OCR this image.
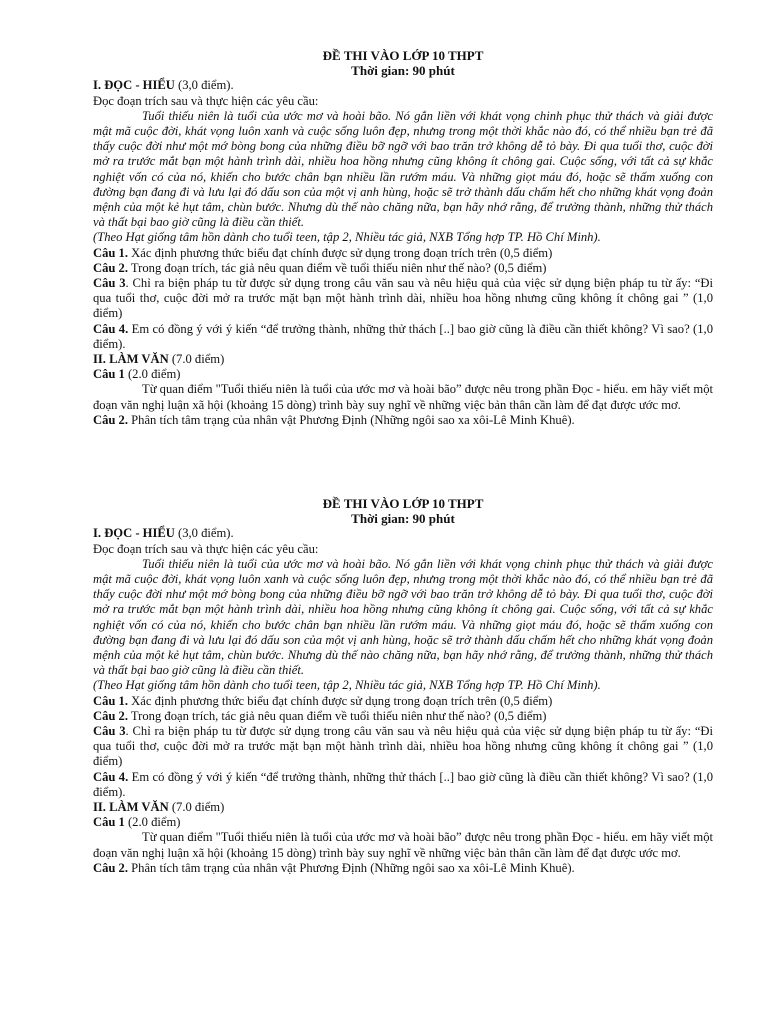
ĐỀ THI VÀO LỚP 10 THPT

Thời gian: 90 phút

I. ĐỌC - HIỂU (3,0 điểm).

Đọc đoạn trích sau và thực hiện các yêu cầu:

Tuổi thiếu niên là tuổi của ước mơ và hoài bão. Nó gắn liền với khát vọng chinh phục thử thách và giải được mật mã cuộc đời, khát vọng luôn xanh và cuộc sống luôn đẹp, nhưng trong một thời khắc nào đó, có thể nhiều bạn trẻ đã thấy cuộc đời như một mớ bòng bong của những điều bỡ ngỡ với bao trăn trở không dễ tỏ bày. Đi qua tuổi thơ, cuộc đời mở ra trước mắt bạn một hành trình dài, nhiều hoa hồng nhưng cũng không ít chông gai. Cuộc sống, với tất cả sự khắc nghiệt vốn có của nó, khiến cho bước chân bạn nhiều lần rướm máu. Và những giọt máu đó, hoặc sẽ thấm xuống con đường bạn đang đi và lưu lại đó dấu son của một vị anh hùng, hoặc sẽ trở thành dấu chấm hết cho những khát vọng đoản mệnh của một kẻ hụt tâm, chùn bước. Nhưng dù thế nào chăng nữa, bạn hãy nhớ rằng, để trưởng thành, những thử thách và thất bại bao giờ cũng là điều cần thiết.

(Theo Hạt giống tâm hồn dành cho tuổi teen, tập 2, Nhiều tác giả, NXB Tổng hợp TP. Hồ Chí Minh).

Câu 1. Xác định phương thức biểu đạt chính được sử dụng trong đoạn trích trên (0,5 điểm)

Câu 2. Trong đoạn trích, tác giả nêu quan điểm về tuổi thiếu niên như thế nào? (0,5 điểm)

Câu 3. Chỉ ra biện pháp tu từ được sử dụng trong câu văn sau và nêu hiệu quả của việc sử dụng biện pháp tu từ ấy: “Đi qua tuổi thơ, cuộc đời mở ra trước mặt bạn một hành trình dài, nhiều hoa hồng nhưng cũng không ít chông gai ” (1,0 điểm)

Câu 4. Em có đồng ý với ý kiến “để trưởng thành, những thử thách [..] bao giờ cũng là điều cần thiết không? Vì sao? (1,0 điểm).

II. LÀM VĂN (7.0 điểm)

Câu 1 (2.0 điểm)

Từ quan điểm "Tuổi thiếu niên là tuổi của ước mơ và hoài bão” được nêu trong phần Đọc - hiểu. em hãy viết một đoạn văn nghị luận xã hội (khoảng 15 dòng) trình bày suy nghĩ về những việc bản thân cần làm để đạt được ước mơ.

Câu 2. Phân tích tâm trạng của nhân vật Phương Định (Những ngôi sao xa xôi-Lê Minh Khuê).

ĐỀ THI VÀO LỚP 10 THPT

Thời gian: 90 phút

I. ĐỌC - HIỂU (3,0 điểm).

Đọc đoạn trích sau và thực hiện các yêu cầu:

Tuổi thiếu niên là tuổi của ước mơ và hoài bão. Nó gắn liền với khát vọng chinh phục thử thách và giải được mật mã cuộc đời, khát vọng luôn xanh và cuộc sống luôn đẹp, nhưng trong một thời khắc nào đó, có thể nhiều bạn trẻ đã thấy cuộc đời như một mớ bòng bong của những điều bỡ ngỡ với bao trăn trở không dễ tỏ bày. Đi qua tuổi thơ, cuộc đời mở ra trước mắt bạn một hành trình dài, nhiều hoa hồng nhưng cũng không ít chông gai. Cuộc sống, với tất cả sự khắc nghiệt vốn có của nó, khiến cho bước chân bạn nhiều lần rướm máu. Và những giọt máu đó, hoặc sẽ thấm xuống con đường bạn đang đi và lưu lại đó dấu son của một vị anh hùng, hoặc sẽ trở thành dấu chấm hết cho những khát vọng đoản mệnh của một kẻ hụt tâm, chùn bước. Nhưng dù thế nào chăng nữa, bạn hãy nhớ rằng, để trưởng thành, những thử thách và thất bại bao giờ cũng là điều cần thiết.

(Theo Hạt giống tâm hồn dành cho tuổi teen, tập 2, Nhiều tác giả, NXB Tổng hợp TP. Hồ Chí Minh).

Câu 1. Xác định phương thức biểu đạt chính được sử dụng trong đoạn trích trên (0,5 điểm)

Câu 2. Trong đoạn trích, tác giả nêu quan điểm về tuổi thiếu niên như thế nào? (0,5 điểm)

Câu 3. Chỉ ra biện pháp tu từ được sử dụng trong câu văn sau và nêu hiệu quả của việc sử dụng biện pháp tu từ ấy: “Đi qua tuổi thơ, cuộc đời mở ra trước mặt bạn một hành trình dài, nhiều hoa hồng nhưng cũng không ít chông gai ” (1,0 điểm)

Câu 4. Em có đồng ý với ý kiến “để trưởng thành, những thử thách [..] bao giờ cũng là điều cần thiết không? Vì sao? (1,0 điểm).

II. LÀM VĂN (7.0 điểm)

Câu 1 (2.0 điểm)

Từ quan điểm "Tuổi thiếu niên là tuổi của ước mơ và hoài bão” được nêu trong phần Đọc - hiểu. em hãy viết một đoạn văn nghị luận xã hội (khoảng 15 dòng) trình bày suy nghĩ về những việc bản thân cần làm để đạt được ước mơ.

Câu 2. Phân tích tâm trạng của nhân vật Phương Định (Những ngôi sao xa xôi-Lê Minh Khuê).
